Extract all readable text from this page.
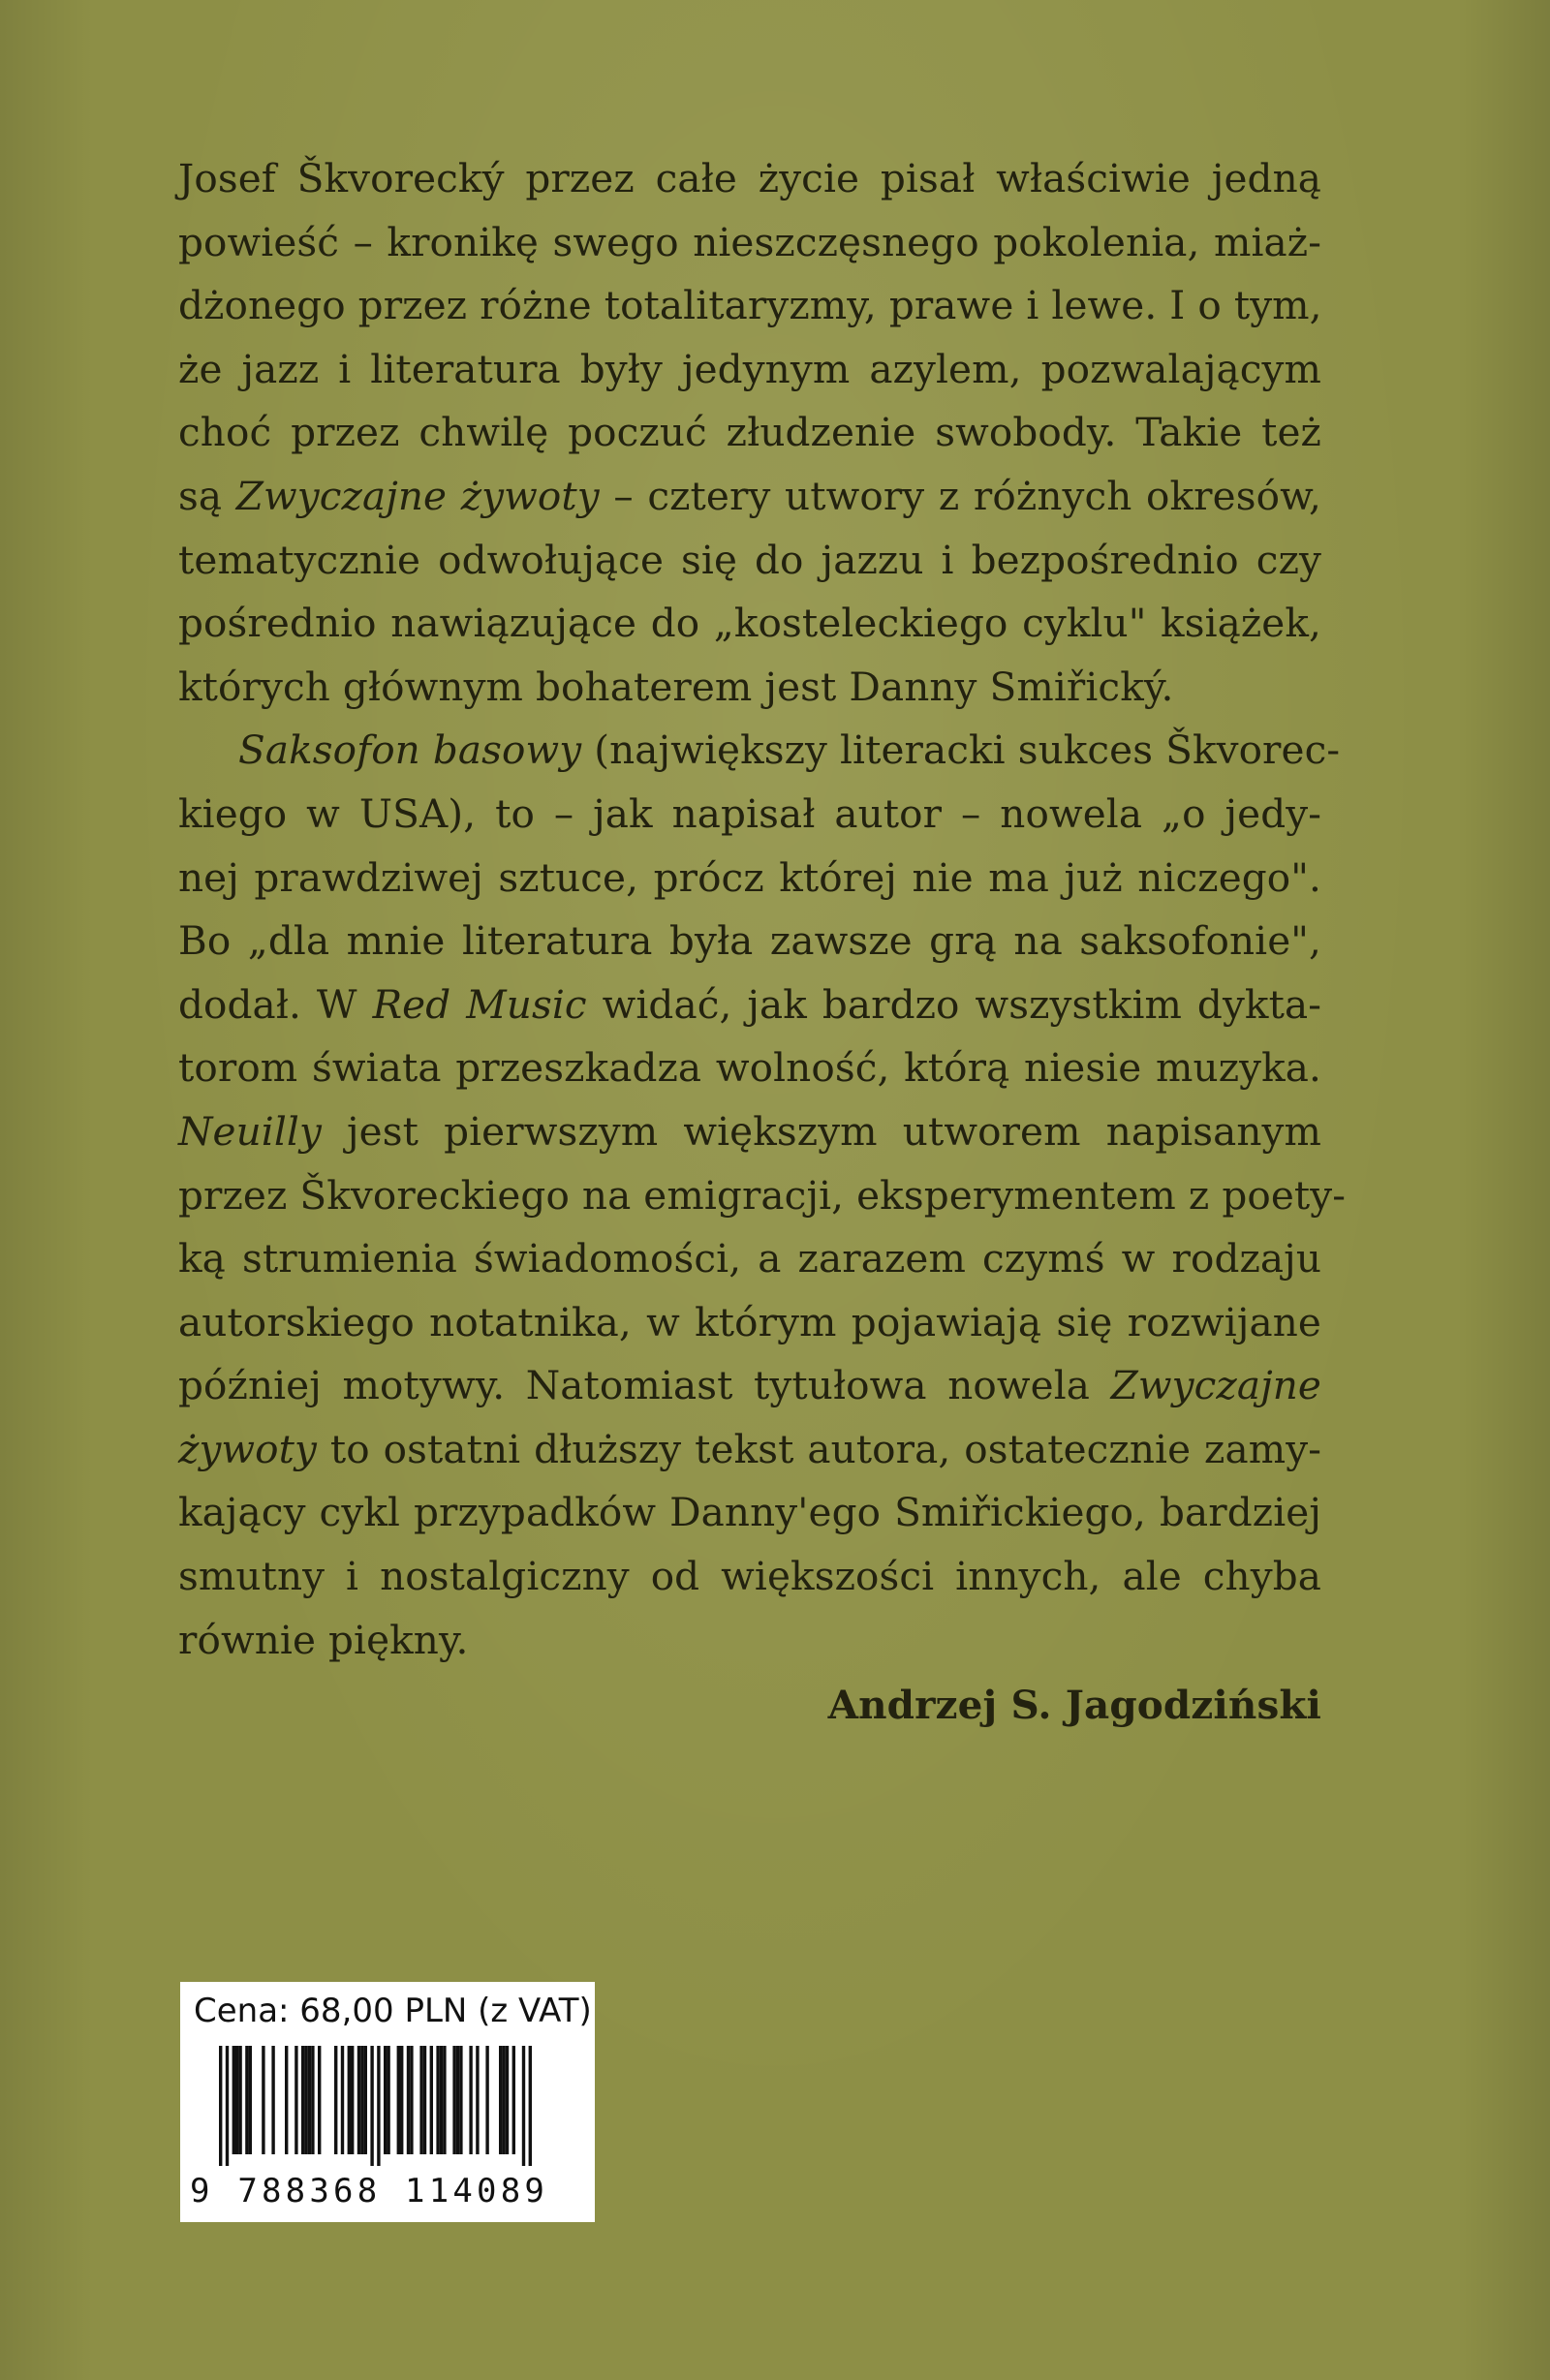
Josef Škvorecký przez całe życie pisał właściwie jedną
powieść – kronikę swego nieszczęsnego pokolenia, miaż-
dżonego przez różne totalitaryzmy, prawe i lewe. I o tym,
że jazz i literatura były jedynym azylem, pozwalającym
choć przez chwilę poczuć złudzenie swobody. Takie też
są Zwyczajne żywoty – cztery utwory z różnych okresów,
tematycznie odwołujące się do jazzu i bezpośrednio czy
pośrednio nawiązujące do „kosteleckiego cyklu" książek,
których głównym bohaterem jest Danny Smiřický.
Saksofon basowy (największy literacki sukces Škvorec-
kiego w USA), to – jak napisał autor – nowela „o jedy-
nej prawdziwej sztuce, prócz której nie ma już niczego".
Bo „dla mnie literatura była zawsze grą na saksofonie",
dodał. W Red Music widać, jak bardzo wszystkim dykta-
torom świata przeszkadza wolność, którą niesie muzyka.
Neuilly jest pierwszym większym utworem napisanym
przez Škvoreckiego na emigracji, eksperymentem z poety-
ką strumienia świadomości, a zarazem czymś w rodzaju
autorskiego notatnika, w którym pojawiają się rozwijane
później motywy. Natomiast tytułowa nowela Zwyczajne
żywoty to ostatni dłuższy tekst autora, ostatecznie zamy-
kający cykl przypadków Danny'ego Smiřickiego, bardziej
smutny i nostalgiczny od większości innych, ale chyba
równie piękny.
Andrzej S. Jagodziński
Cena: 68,00 PLN (z VAT)
9 788368 114089
